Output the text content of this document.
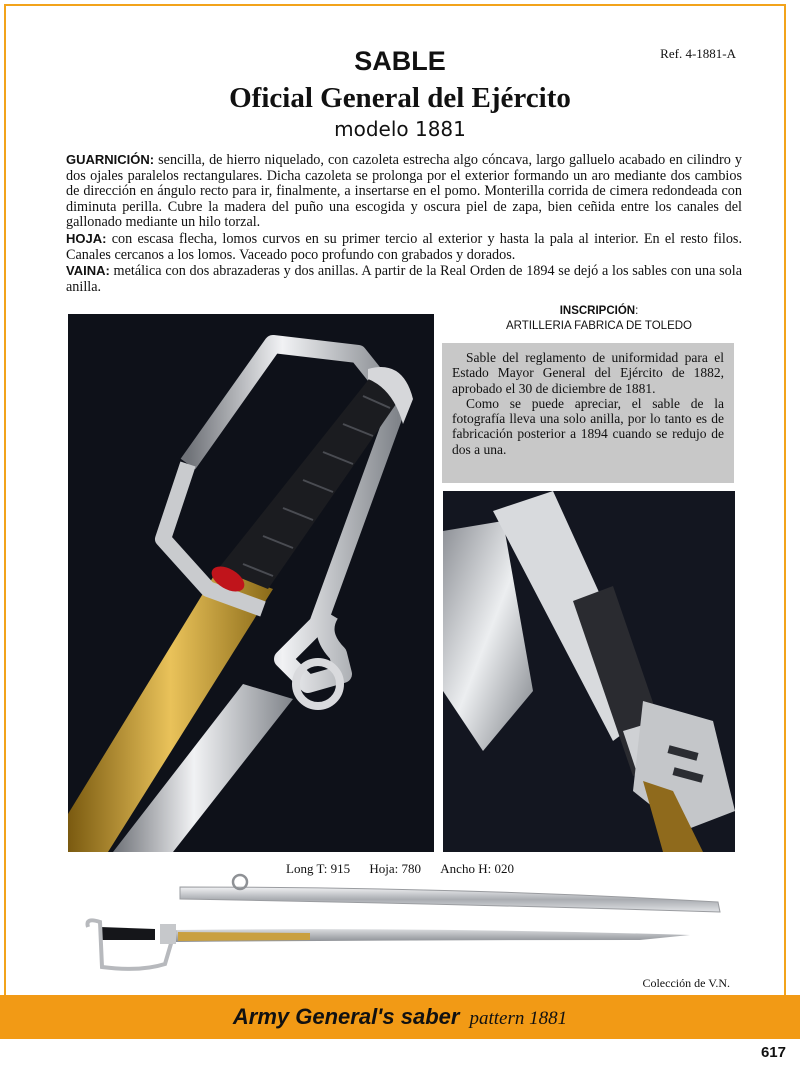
Ref. 4-1881-A
SABLE
Oficial General del Ejército
modelo 1881

GUARNICIÓN: sencilla, de hierro niquelado, con cazoleta estrecha algo cóncava, largo galluelo acabado en cilindro y dos ojales paralelos rectangulares. Dicha cazoleta se prolonga por el exterior formando un aro mediante dos cambios de dirección en ángulo recto para ir, finalmente, a insertarse en el pomo. Monterilla corrida de cimera redondeada con diminuta perilla. Cubre la madera del puño una escogida y oscura piel de zapa, bien ceñida entre los canales del gallonado mediante un hilo torzal.

HOJA: con escasa flecha, lomos curvos en su primer tercio al exterior y hasta la pala al interior. En el resto filos. Canales cercanos a los lomos. Vaceado poco profundo con grabados y dorados.

VAINA: metálica con dos abrazaderas y dos anillas. A partir de la Real Orden de 1894 se dejó a los sables con una sola anilla.

INSCRIPCIÓN:
ARTILLERIA FABRICA DE TOLEDO

Sable del reglamento de uniformidad para el Estado Mayor General del Ejército de 1882, aprobado el 30 de diciembre de 1881.

Como se puede apreciar, el sable de la fotografía lleva una solo anilla, por lo tanto es de fabricación posterior a 1894 cuando se redujo de dos a una.

Long T: 915 Hoja: 780 Ancho H: 020
Colección de V.N.
Army General's saber pattern 1881
617
